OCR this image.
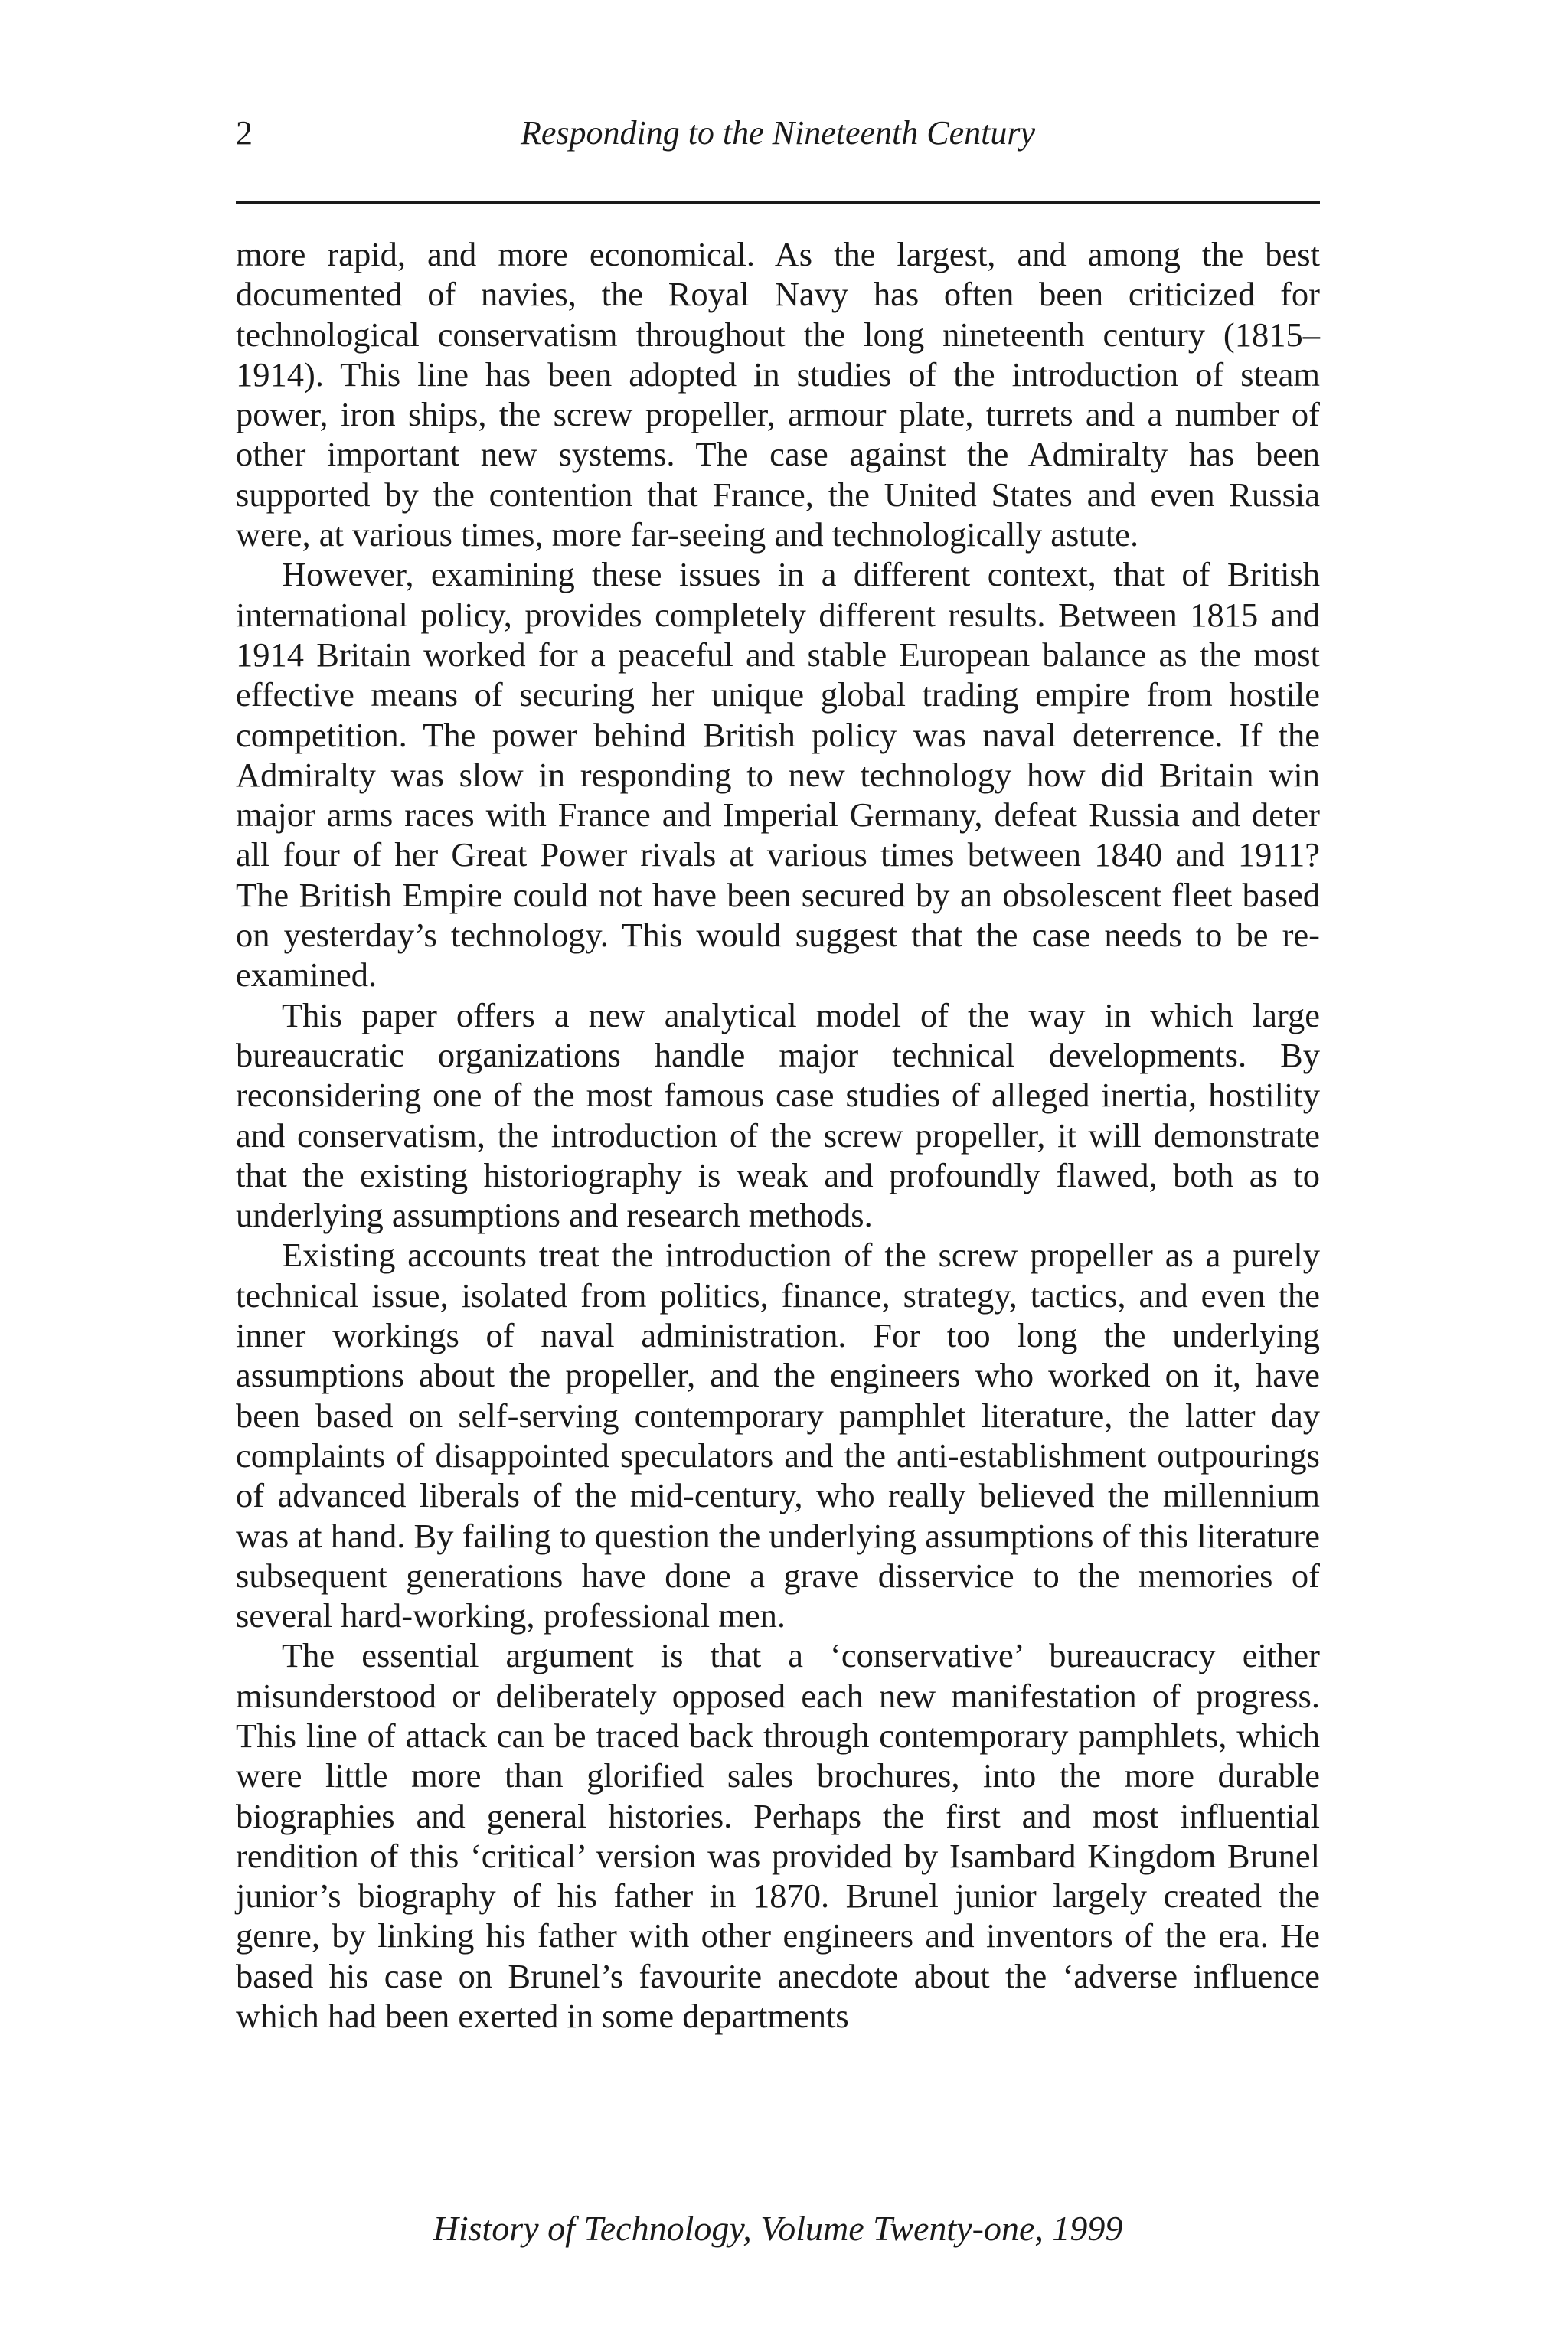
2	Responding to the Nineteenth Century

more rapid, and more economical. As the largest, and among the best documented of navies, the Royal Navy has often been criticized for technological conservatism throughout the long nineteenth century (1815–1914). This line has been adopted in studies of the introduction of steam power, iron ships, the screw propeller, armour plate, turrets and a number of other important new systems. The case against the Admiralty has been supported by the contention that France, the United States and even Russia were, at various times, more far-seeing and technologically astute.

However, examining these issues in a different context, that of British international policy, provides completely different results. Between 1815 and 1914 Britain worked for a peaceful and stable European balance as the most effective means of securing her unique global trading empire from hostile competition. The power behind British policy was naval deterrence. If the Admiralty was slow in responding to new technology how did Britain win major arms races with France and Imperial Germany, defeat Russia and deter all four of her Great Power rivals at various times between 1840 and 1911? The British Empire could not have been secured by an obsolescent fleet based on yesterday’s technology. This would suggest that the case needs to be re-examined.

This paper offers a new analytical model of the way in which large bureaucratic organizations handle major technical developments. By reconsidering one of the most famous case studies of alleged inertia, hostility and conservatism, the introduction of the screw propeller, it will demonstrate that the existing historiography is weak and profoundly flawed, both as to underlying assumptions and research methods.

Existing accounts treat the introduction of the screw propeller as a purely technical issue, isolated from politics, finance, strategy, tactics, and even the inner workings of naval administration. For too long the underlying assumptions about the propeller, and the engineers who worked on it, have been based on self-serving contemporary pamphlet literature, the latter day complaints of disappointed speculators and the anti-establishment outpourings of advanced liberals of the mid-century, who really believed the millennium was at hand. By failing to question the underlying assumptions of this literature subsequent generations have done a grave disservice to the memories of several hard-working, professional men.

The essential argument is that a ‘conservative’ bureaucracy either misunderstood or deliberately opposed each new manifestation of progress. This line of attack can be traced back through contemporary pamphlets, which were little more than glorified sales brochures, into the more durable biographies and general histories. Perhaps the first and most influential rendition of this ‘critical’ version was provided by Isambard Kingdom Brunel junior’s biography of his father in 1870. Brunel junior largely created the genre, by linking his father with other engineers and inventors of the era. He based his case on Brunel’s favourite anecdote about the ‘adverse influence which had been exerted in some departments

History of Technology, Volume Twenty-one, 1999
